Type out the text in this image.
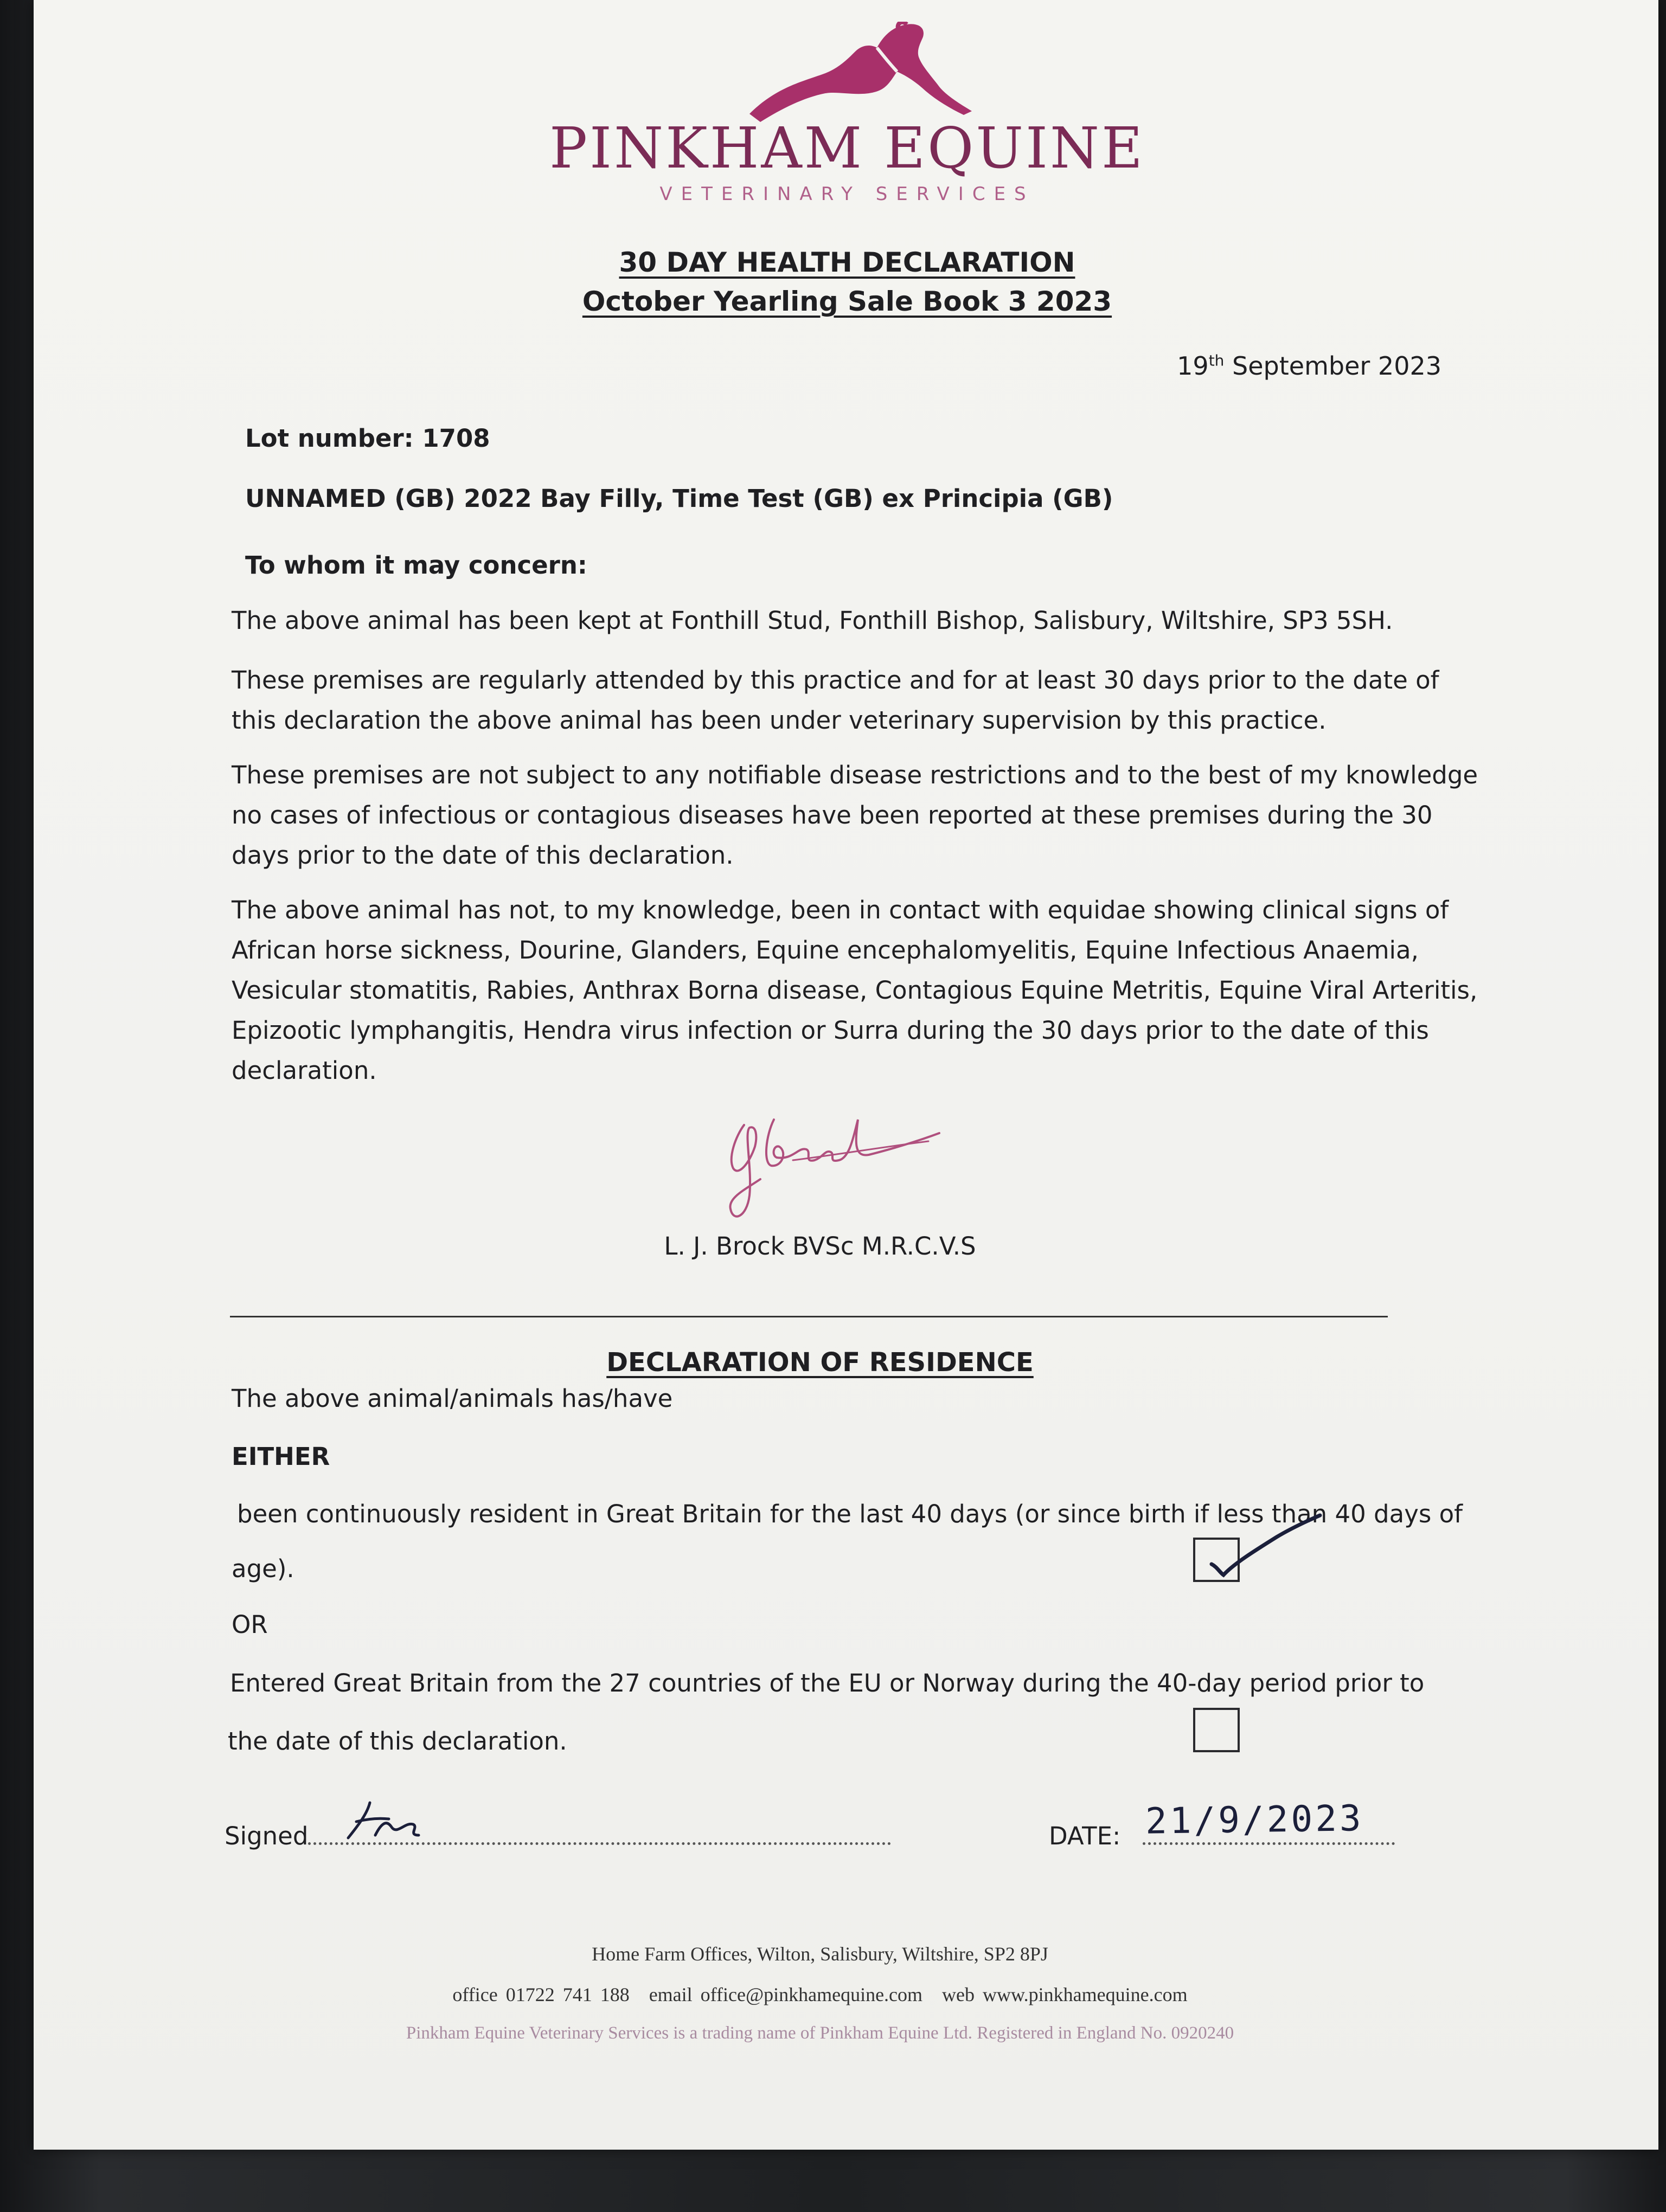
PINKHAM EQUINE
VETERINARY SERVICES
30 DAY HEALTH DECLARATION
October Yearling Sale Book 3 2023
19th September 2023
Lot number: 1708
UNNAMED (GB) 2022 Bay Filly, Time Test (GB) ex Principia (GB)
To whom it may concern:
The above animal has been kept at Fonthill Stud, Fonthill Bishop, Salisbury, Wiltshire, SP3 5SH.
These premises are regularly attended by this practice and for at least 30 days prior to the date of this declaration the above animal has been under veterinary supervision by this practice.
These premises are not subject to any notifiable disease restrictions and to the best of my knowledge no cases of infectious or contagious diseases have been reported at these premises during the 30 days prior to the date of this declaration.
The above animal has not, to my knowledge, been in contact with equidae showing clinical signs of African horse sickness, Dourine, Glanders, Equine encephalomyelitis, Equine Infectious Anaemia, Vesicular stomatitis, Rabies, Anthrax Borna disease, Contagious Equine Metritis, Equine Viral Arteritis, Epizootic lymphangitis, Hendra virus infection or Surra during the 30 days prior to the date of this declaration.
L. J. Brock BVSc M.R.C.V.S
DECLARATION OF RESIDENCE
The above animal/animals has/have
EITHER
been continuously resident in Great Britain for the last 40 days (or since birth if less than 40 days of
age).
OR
Entered Great Britain from the 27 countries of the EU or Norway during the 40-day period prior to
the date of this declaration.
Signed	DATE: 21/9/2023
Home Farm Offices, Wilton, Salisbury, Wiltshire, SP2 8PJ
office 01722 741 188 email office@pinkhamequine.com web www.pinkhamequine.com
Pinkham Equine Veterinary Services is a trading name of Pinkham Equine Ltd. Registered in England No. 0920240
